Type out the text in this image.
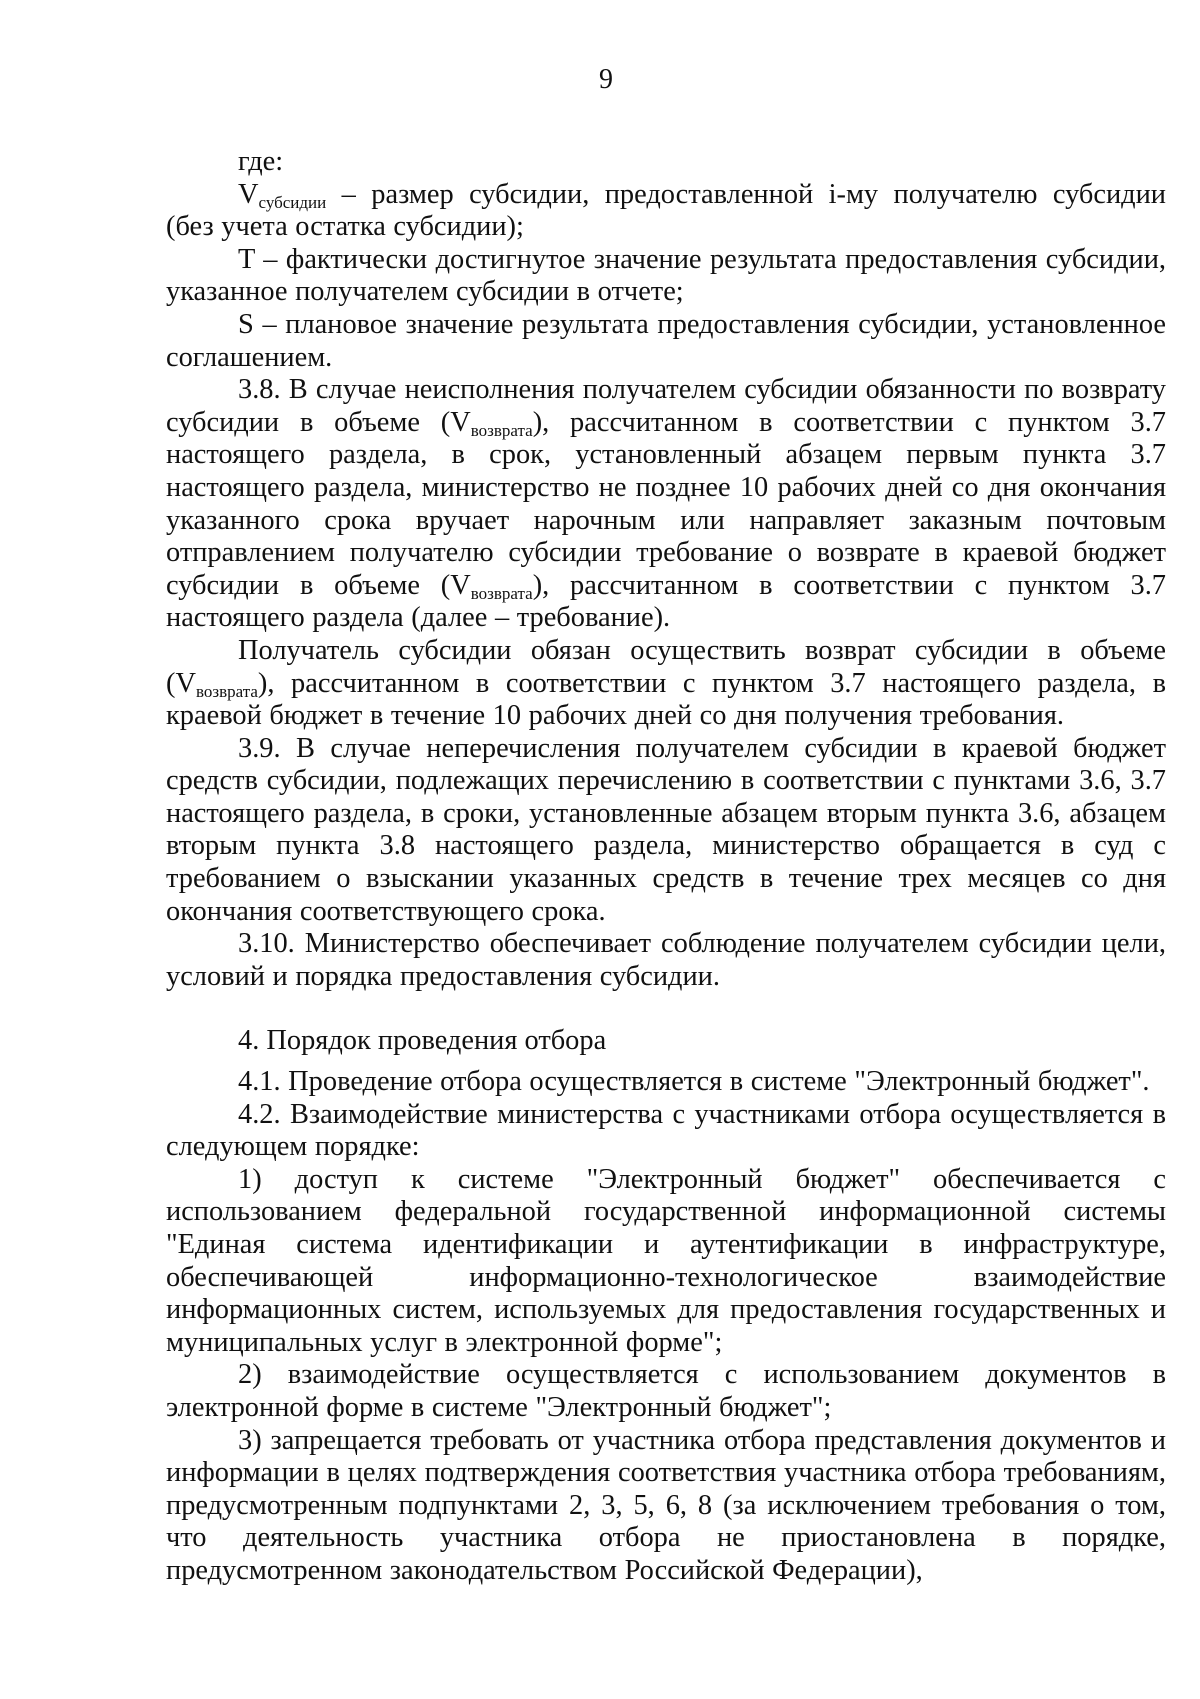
9

где:

$V_{субсидии}$ – размер субсидии, предоставленной i-му получателю субсидии (без учета остатка субсидии);

T – фактически достигнутое значение результата предоставления субсидии, указанное получателем субсидии в отчете;

S – плановое значение результата предоставления субсидии, установленное соглашением.

3.8. В случае неисполнения получателем субсидии обязанности по возврату субсидии в объеме $(V_{возврата})$, рассчитанном в соответствии с пунктом 3.7 настоящего раздела, в срок, установленный абзацем первым пункта 3.7 настоящего раздела, министерство не позднее 10 рабочих дней со дня окончания указанного срока вручает нарочным или направляет заказным почтовым отправлением получателю субсидии требование о возврате в краевой бюджет субсидии в объеме $(V_{возврата})$, рассчитанном в соответствии с пунктом 3.7 настоящего раздела (далее – требование).

Получатель субсидии обязан осуществить возврат субсидии в объеме $(V_{возврата})$, рассчитанном в соответствии с пунктом 3.7 настоящего раздела, в краевой бюджет в течение 10 рабочих дней со дня получения требования.

3.9. В случае неперечисления получателем субсидии в краевой бюджет средств субсидии, подлежащих перечислению в соответствии с пунктами 3.6, 3.7 настоящего раздела, в сроки, установленные абзацем вторым пункта 3.6, абзацем вторым пункта 3.8 настоящего раздела, министерство обращается в суд с требованием о взыскании указанных средств в течение трех месяцев со дня окончания соответствующего срока.

3.10. Министерство обеспечивает соблюдение получателем субсидии цели, условий и порядка предоставления субсидии.

4. Порядок проведения отбора

4.1. Проведение отбора осуществляется в системе "Электронный бюджет".

4.2. Взаимодействие министерства с участниками отбора осуществляется в следующем порядке:

1) доступ к системе "Электронный бюджет" обеспечивается с использованием федеральной государственной информационной системы "Единая система идентификации и аутентификации в инфраструктуре, обеспечивающей информационно-технологическое взаимодействие информационных систем, используемых для предоставления государственных и муниципальных услуг в электронной форме";

2) взаимодействие осуществляется с использованием документов в электронной форме в системе "Электронный бюджет";

3) запрещается требовать от участника отбора представления документов и информации в целях подтверждения соответствия участника отбора требованиям, предусмотренным подпунктами 2, 3, 5, 6, 8 (за исключением требования о том, что деятельность участника отбора не приостановлена в порядке, предусмотренном законодательством Российской Федерации),
